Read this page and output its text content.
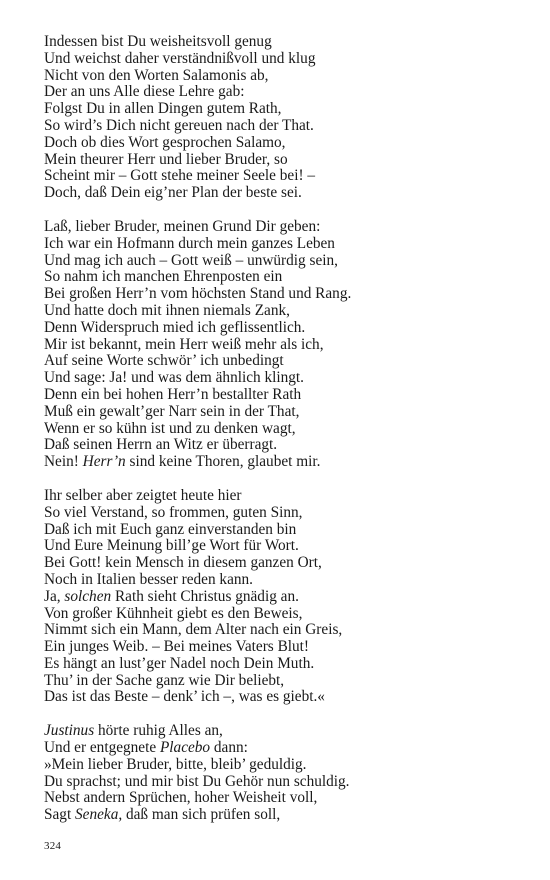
Indessen bist Du weisheitsvoll genug
Und weichst daher verständnißvoll und klug
Nicht von den Worten Salamonis ab,
Der an uns Alle diese Lehre gab:
Folgst Du in allen Dingen gutem Rath,
So wird’s Dich nicht gereuen nach der That.
Doch ob dies Wort gesprochen Salamo,
Mein theurer Herr und lieber Bruder, so
Scheint mir – Gott stehe meiner Seele bei! –
Doch, daß Dein eig’ner Plan der beste sei.
Laß, lieber Bruder, meinen Grund Dir geben:
Ich war ein Hofmann durch mein ganzes Leben
Und mag ich auch – Gott weiß – unwürdig sein,
So nahm ich manchen Ehrenposten ein
Bei großen Herr’n vom höchsten Stand und Rang.
Und hatte doch mit ihnen niemals Zank,
Denn Widerspruch mied ich geflissentlich.
Mir ist bekannt, mein Herr weiß mehr als ich,
Auf seine Worte schwör’ ich unbedingt
Und sage: Ja! und was dem ähnlich klingt.
Denn ein bei hohen Herr’n bestallter Rath
Muß ein gewalt’ger Narr sein in der That,
Wenn er so kühn ist und zu denken wagt,
Daß seinen Herrn an Witz er überragt.
Nein! Herr’n sind keine Thoren, glaubet mir.
Ihr selber aber zeigtet heute hier
So viel Verstand, so frommen, guten Sinn,
Daß ich mit Euch ganz einverstanden bin
Und Eure Meinung bill’ge Wort für Wort.
Bei Gott! kein Mensch in diesem ganzen Ort,
Noch in Italien besser reden kann.
Ja, solchen Rath sieht Christus gnädig an.
Von großer Kühnheit giebt es den Beweis,
Nimmt sich ein Mann, dem Alter nach ein Greis,
Ein junges Weib. – Bei meines Vaters Blut!
Es hängt an lust’ger Nadel noch Dein Muth.
Thu’ in der Sache ganz wie Dir beliebt,
Das ist das Beste – denk’ ich –, was es giebt.«
Justinus hörte ruhig Alles an,
Und er entgegnete Placebo dann:
»Mein lieber Bruder, bitte, bleib’ geduldig.
Du sprachst; und mir bist Du Gehör nun schuldig.
Nebst andern Sprüchen, hoher Weisheit voll,
Sagt Seneka, daß man sich prüfen soll,
324
